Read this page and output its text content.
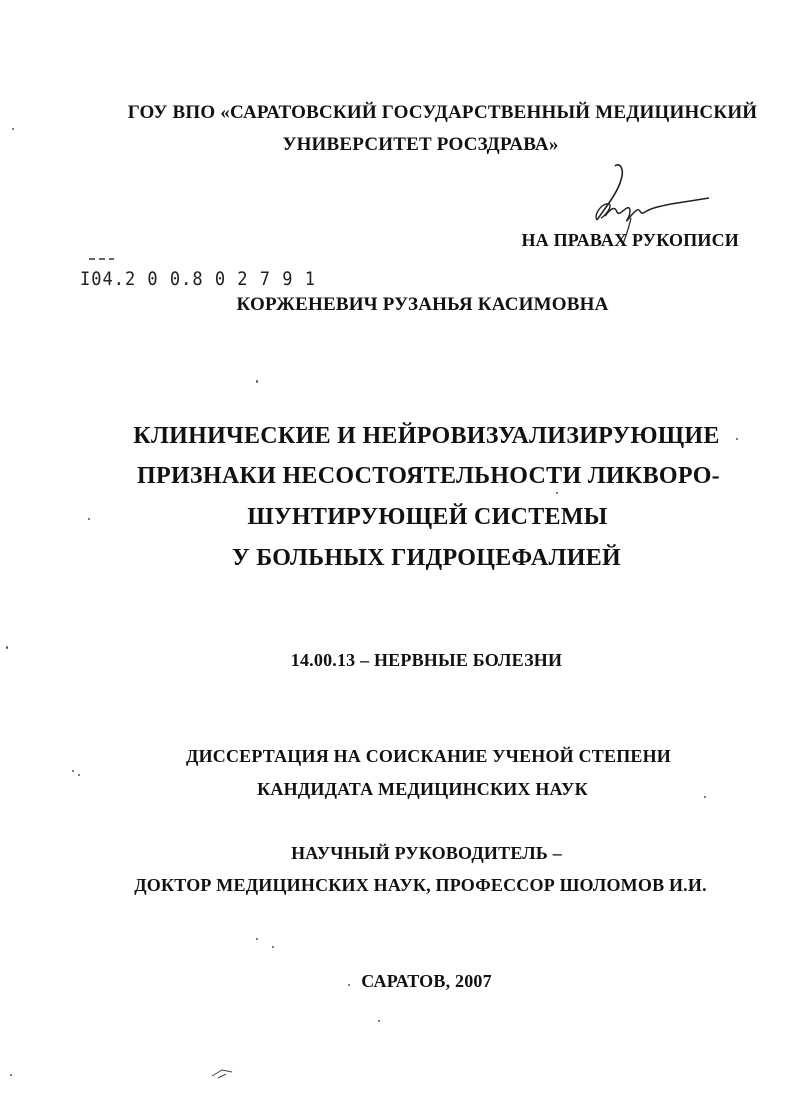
ГОУ ВПО «САРАТОВСКИЙ ГОСУДАРСТВЕННЫЙ МЕДИЦИНСКИЙ
УНИВЕРСИТЕТ РОСЗДРАВА»
НА ПРАВАХ РУКОПИСИ
I04.2 0 0.8 0 2 7 9 1
КОРЖЕНЕВИЧ РУЗАНЬЯ КАСИМОВНА
КЛИНИЧЕСКИЕ И НЕЙРОВИЗУАЛИЗИРУЮЩИЕ
ПРИЗНАКИ НЕСОСТОЯТЕЛЬНОСТИ ЛИКВОРО-
ШУНТИРУЮЩЕЙ СИСТЕМЫ
У БОЛЬНЫХ ГИДРОЦЕФАЛИЕЙ
14.00.13 – НЕРВНЫЕ БОЛЕЗНИ
ДИССЕРТАЦИЯ НА СОИСКАНИЕ УЧЕНОЙ СТЕПЕНИ
КАНДИДАТА МЕДИЦИНСКИХ НАУК
НАУЧНЫЙ РУКОВОДИТЕЛЬ –
ДОКТОР МЕДИЦИНСКИХ НАУК, ПРОФЕССОР ШОЛОМОВ И.И.
САРАТОВ, 2007
